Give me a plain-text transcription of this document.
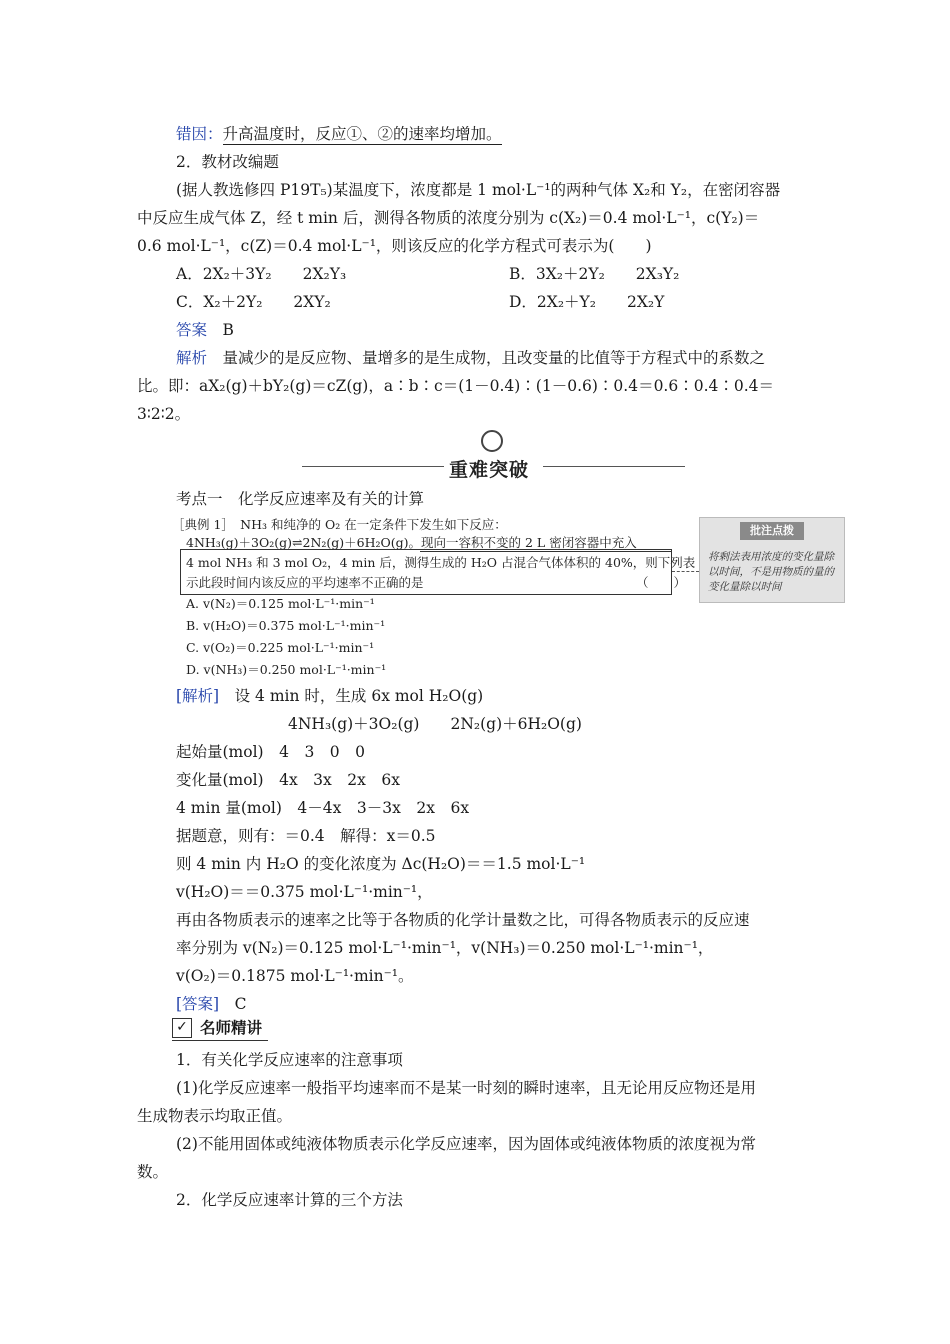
错因：升高温度时，反应①、②的速率均增加。
2．教材改编题
(据人教选修四 P19T₅)某温度下，浓度都是 1 mol·L⁻¹的两种气体 X₂和 Y₂，在密闭容器
中反应生成气体 Z，经 t min 后，测得各物质的浓度分别为 c(X₂)＝0.4 mol·L⁻¹，c(Y₂)＝
0.6 mol·L⁻¹，c(Z)＝0.4 mol·L⁻¹，则该反应的化学方程式可表示为(　　)
A．2X₂＋3Y₂　　2X₂Y₃	B．3X₂＋2Y₂　　2X₃Y₂
C．X₂＋2Y₂　　2XY₂	D．2X₂＋Y₂　　2X₂Y
答案　 B
解析　 量减少的是反应物、量增多的是生成物，且改变量的比值等于方程式中的系数之
比。即：aX₂(g)＋bY₂(g)＝cZ(g)，a∶b∶c＝(1－0.4)∶(1－0.6)∶0.4＝0.6∶0.4∶0.4＝
3∶2∶2。
重难突破
考点一　化学反应速率及有关的计算
［典例 1］　NH₃ 和纯净的 O₂ 在一定条件下发生如下反应：
4NH₃(g)＋3O₂(g)⇌2N₂(g)＋6H₂O(g)。现向一容积不变的 2 L 密闭容器中充入
4 mol NH₃ 和 3 mol O₂，4 min 后，测得生成的 H₂O 占混合气体体积的 40%，则下列表
示此段时间内该反应的平均速率不正确的是	（　　）
A. v(N₂)＝0.125 mol·L⁻¹·min⁻¹
B. v(H₂O)＝0.375 mol·L⁻¹·min⁻¹
C. v(O₂)＝0.225 mol·L⁻¹·min⁻¹
D. v(NH₃)＝0.250 mol·L⁻¹·min⁻¹
批注点拨
将剩法表用浓度的变化量除以时间，不是用物质的量的变化量除以时间
[解析]　 设 4 min 时，生成 6x mol H₂O(g)
4NH₃(g)＋3O₂(g)　　2N₂(g)＋6H₂O(g)
起始量(mol)　4　3　0　0
变化量(mol)　4x　3x　2x　6x
4 min 量(mol)　4－4x　3－3x　2x　6x
据题意，则有：＝0.4　解得：x＝0.5
则 4 min 内 H₂O 的变化浓度为 Δc(H₂O)＝＝1.5 mol·L⁻¹
v(H₂O)＝＝0.375 mol·L⁻¹·min⁻¹，
再由各物质表示的速率之比等于各物质的化学计量数之比，可得各物质表示的反应速
率分别为 v(N₂)＝0.125 mol·L⁻¹·min⁻¹，v(NH₃)＝0.250 mol·L⁻¹·min⁻¹，
v(O₂)＝0.1875 mol·L⁻¹·min⁻¹。
[答案]　 C
✓ 名师精讲
1．有关化学反应速率的注意事项
(1)化学反应速率一般指平均速率而不是某一时刻的瞬时速率，且无论用反应物还是用
生成物表示均取正值。
(2)不能用固体或纯液体物质表示化学反应速率，因为固体或纯液体物质的浓度视为常
数。
2．化学反应速率计算的三个方法
